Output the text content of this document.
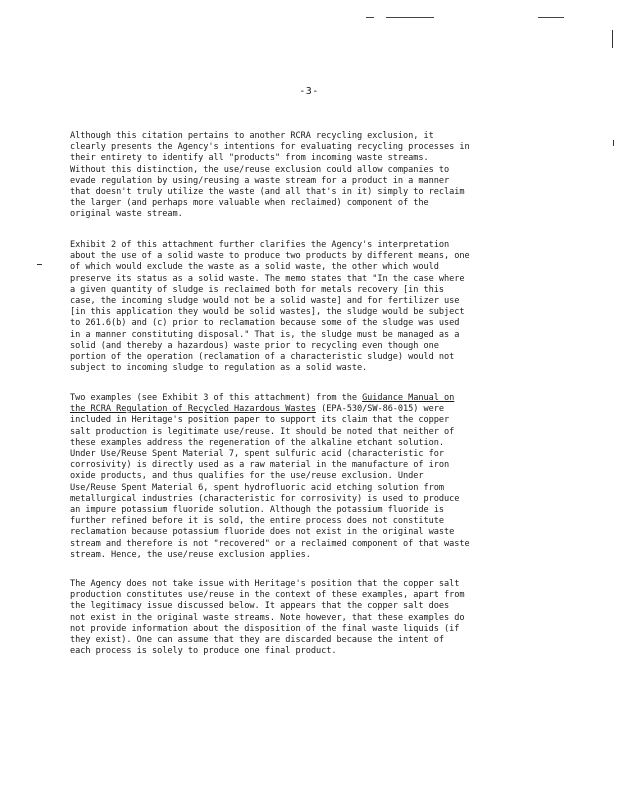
-3-

Although this citation pertains to another RCRA recycling exclusion, it
clearly presents the Agency's intentions for evaluating recycling processes in
their entirety to identify all "products" from incoming waste streams.
Without this distinction, the use/reuse exclusion could allow companies to
evade regulation by using/reusing a waste stream for a product in a manner
that doesn't truly utilize the waste (and all that's in it) simply to reclaim
the larger (and perhaps more valuable when reclaimed) component of the
original waste stream.

Exhibit 2 of this attachment further clarifies the Agency's interpretation
about the use of a solid waste to produce two products by different means, one
of which would exclude the waste as a solid waste, the other which would
preserve its status as a solid waste. The memo states that "In the case where
a given quantity of sludge is reclaimed both for metals recovery [in this
case, the incoming sludge would not be a solid waste] and for fertilizer use
[in this application they would be solid wastes], the sludge would be subject
to 261.6(b) and (c) prior to reclamation because some of the sludge was used
in a manner constituting disposal." That is, the sludge must be managed as a
solid (and thereby a hazardous) waste prior to recycling even though one
portion of the operation (reclamation of a characteristic sludge) would not
subject to incoming sludge to regulation as a solid waste.

Two examples (see Exhibit 3 of this attachment) from the Guidance Manual on
the RCRA Regulation of Recycled Hazardous Wastes (EPA-530/SW-86-015) were
included in Heritage's position paper to support its claim that the copper
salt production is legitimate use/reuse. It should be noted that neither of
these examples address the regeneration of the alkaline etchant solution.
Under Use/Reuse Spent Material 7, spent sulfuric acid (characteristic for
corrosivity) is directly used as a raw material in the manufacture of iron
oxide products, and thus qualifies for the use/reuse exclusion. Under
Use/Reuse Spent Material 6, spent hydrofluoric acid etching solution from
metallurgical industries (characteristic for corrosivity) is used to produce
an impure potassium fluoride solution. Although the potassium fluoride is
further refined before it is sold, the entire process does not constitute
reclamation because potassium fluoride does not exist in the original waste
stream and therefore is not "recovered" or a reclaimed component of that waste
stream. Hence, the use/reuse exclusion applies.

The Agency does not take issue with Heritage's position that the copper salt
production constitutes use/reuse in the context of these examples, apart from
the legitimacy issue discussed below. It appears that the copper salt does
not exist in the original waste streams. Note however, that these examples do
not provide information about the disposition of the final waste liquids (if
they exist). One can assume that they are discarded because the intent of
each process is solely to produce one final product.
